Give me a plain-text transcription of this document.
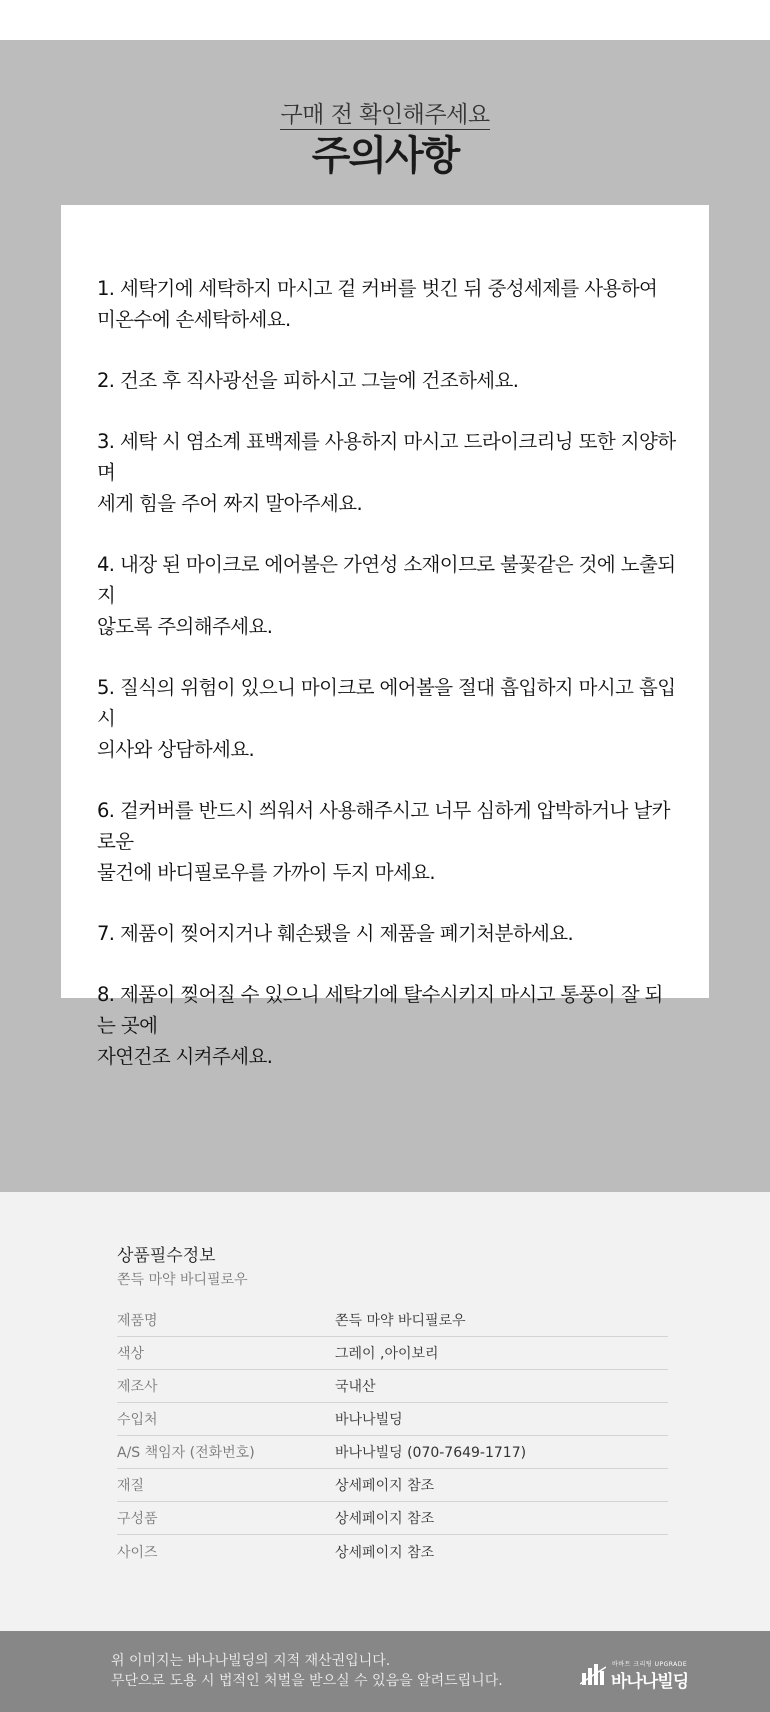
구매 전 확인해주세요
주의사항

1. 세탁기에 세탁하지 마시고 겉 커버를 벗긴 뒤 중성세제를 사용하여
미온수에 손세탁하세요.

2. 건조 후 직사광선을 피하시고 그늘에 건조하세요.

3. 세탁 시 염소계 표백제를 사용하지 마시고 드라이크리닝 또한 지양하며
세게 힘을 주어 짜지 말아주세요.

4. 내장 된 마이크로 에어볼은 가연성 소재이므로 불꽃같은 것에 노출되지
않도록 주의해주세요.

5. 질식의 위험이 있으니 마이크로 에어볼을 절대 흡입하지 마시고 흡입 시
의사와 상담하세요.

6. 겉커버를 반드시 씌워서 사용해주시고 너무 심하게 압박하거나 날카로운
물건에 바디필로우를 가까이 두지 마세요.

7. 제품이 찢어지거나 훼손됐을 시 제품을 폐기처분하세요.

8. 제품이 찢어질 수 있으니 세탁기에 탈수시키지 마시고 통풍이 잘 되는 곳에
자연건조 시켜주세요.

상품필수정보
쫀득 마약 바디필로우
제품명	쫀득 마약 바디필로우
색상	그레이 ,아이보리
제조사	국내산
수입처	바나나빌딩
A/S 책임자 (전화번호)	바나나빌딩 (070-7649-1717)
재질	상세페이지 참조
구성품	상세페이지 참조
사이즈	상세페이지 참조
위 이미지는 바나나빌딩의 지적 재산권입니다.
무단으로 도용 시 법적인 처벌을 받으실 수 있음을 알려드립니다.
바바트 크리팅 UPGRADE
바나나빌딩
